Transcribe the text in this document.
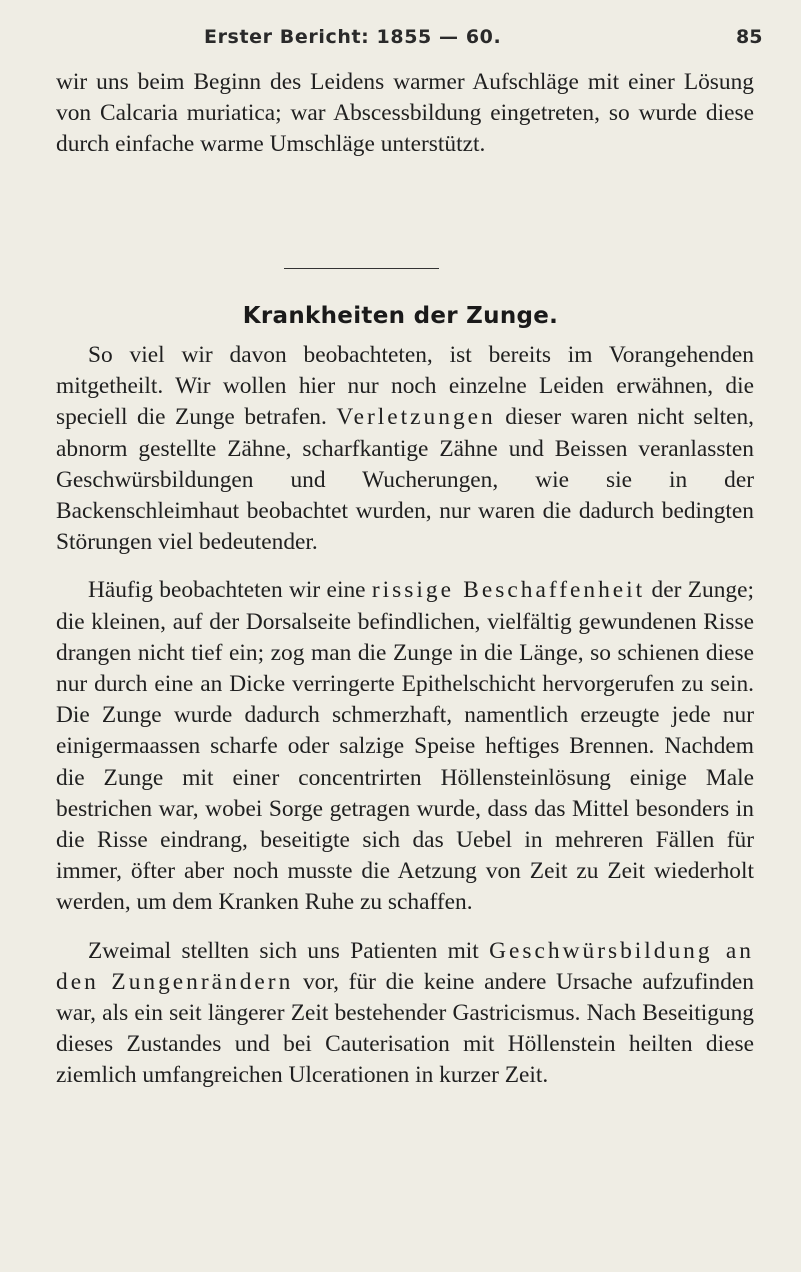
Erster Bericht: 1855 — 60.	85

wir uns beim Beginn des Leidens warmer Aufschläge mit einer Lösung von Calcaria muriatica; war Abscessbildung eingetreten, so wurde diese durch einfache warme Umschläge unterstützt.

Krankheiten der Zunge.

So viel wir davon beobachteten, ist bereits im Vorangehenden mitgetheilt. Wir wollen hier nur noch einzelne Leiden erwähnen, die speciell die Zunge betrafen. Verletzungen dieser waren nicht selten, abnorm gestellte Zähne, scharfkantige Zähne und Beissen veranlassten Geschwürsbildungen und Wucherungen, wie sie in der Backenschleimhaut beobachtet wurden, nur waren die dadurch bedingten Störungen viel bedeutender.

Häufig beobachteten wir eine rissige Beschaffenheit der Zunge; die kleinen, auf der Dorsalseite befindlichen, vielfältig gewundenen Risse drangen nicht tief ein; zog man die Zunge in die Länge, so schienen diese nur durch eine an Dicke verringerte Epithelschicht hervorgerufen zu sein. Die Zunge wurde dadurch schmerzhaft, namentlich erzeugte jede nur einigermaassen scharfe oder salzige Speise heftiges Brennen. Nachdem die Zunge mit einer concentrirten Höllensteinlösung einige Male bestrichen war, wobei Sorge getragen wurde, dass das Mittel besonders in die Risse eindrang, beseitigte sich das Uebel in mehreren Fällen für immer, öfter aber noch musste die Aetzung von Zeit zu Zeit wiederholt werden, um dem Kranken Ruhe zu schaffen.

Zweimal stellten sich uns Patienten mit Geschwürsbildung an den Zungenrändern vor, für die keine andere Ursache aufzufinden war, als ein seit längerer Zeit bestehender Gastricismus. Nach Beseitigung dieses Zustandes und bei Cauterisation mit Höllenstein heilten diese ziemlich umfangreichen Ulcerationen in kurzer Zeit.
